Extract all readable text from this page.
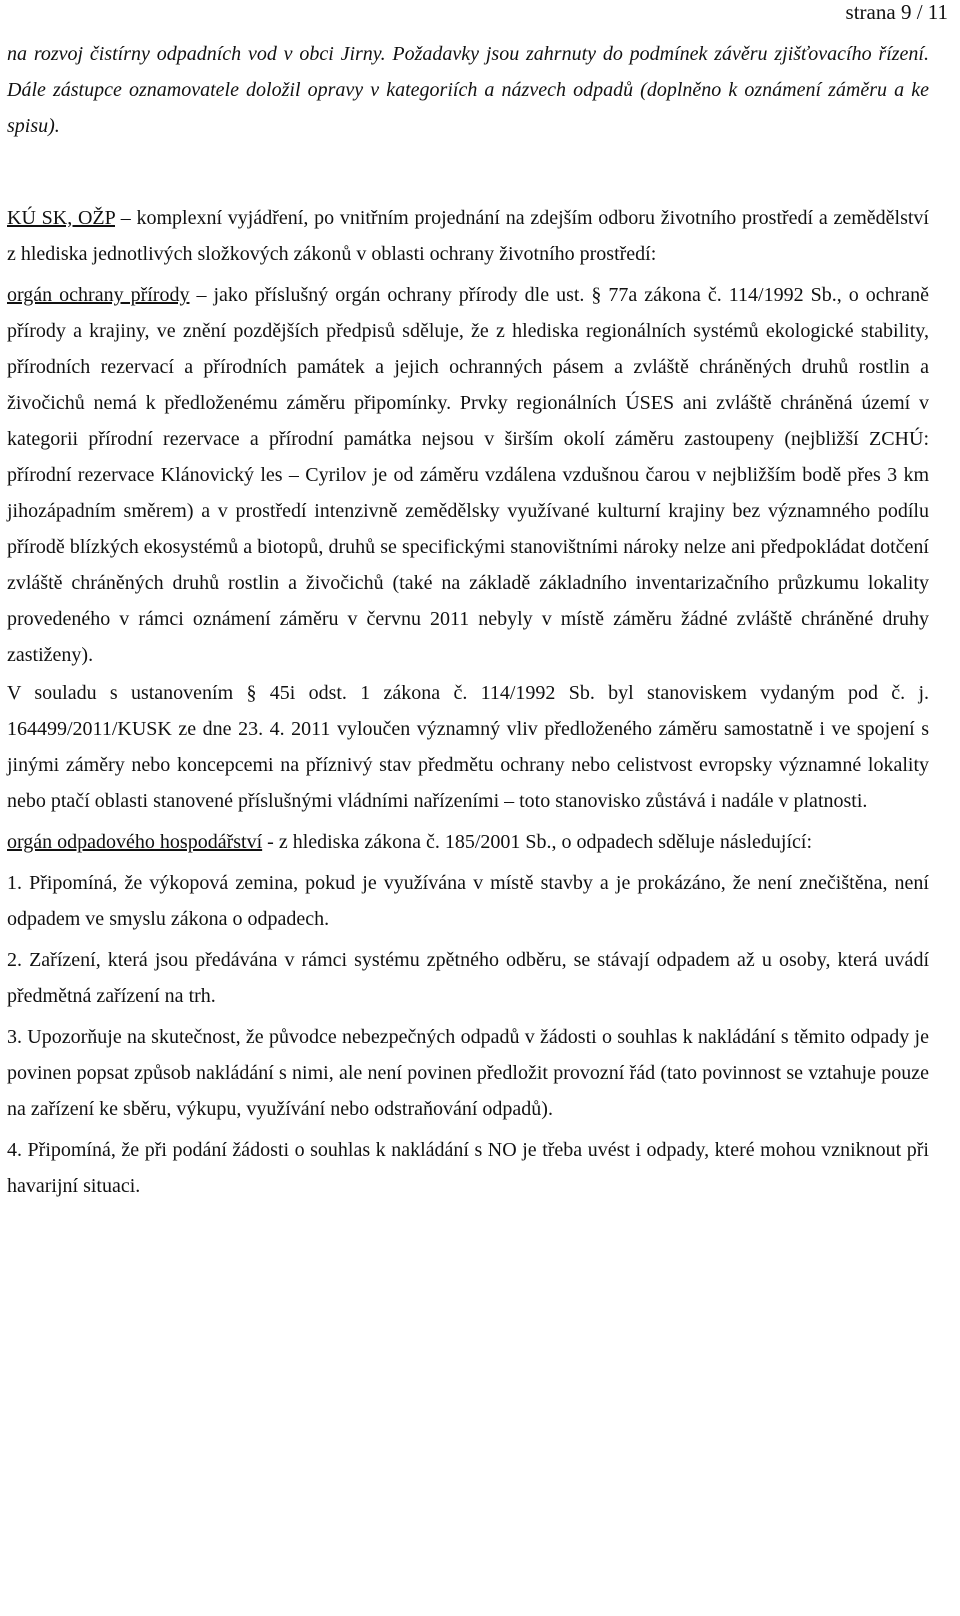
strana 9 / 11

na rozvoj čistírny odpadních vod v obci Jirny. Požadavky jsou zahrnuty do podmínek závěru zjišťovacího řízení. Dále zástupce oznamovatele doložil opravy v kategoriích a názvech odpadů (doplněno k oznámení záměru a ke spisu).

KÚ SK, OŽP – komplexní vyjádření, po vnitřním projednání na zdejším odboru životního prostředí a zemědělství z hlediska jednotlivých složkových zákonů v oblasti ochrany životního prostředí:

orgán ochrany přírody – jako příslušný orgán ochrany přírody dle ust. § 77a zákona č. 114/1992 Sb., o ochraně přírody a krajiny, ve znění pozdějších předpisů sděluje, že z hlediska regionálních systémů ekologické stability, přírodních rezervací a přírodních památek a jejich ochranných pásem a zvláště chráněných druhů rostlin a živočichů nemá k předloženému záměru připomínky. Prvky regionálních ÚSES ani zvláště chráněná území v kategorii přírodní rezervace a přírodní památka nejsou v širším okolí záměru zastoupeny (nejbližší ZCHÚ: přírodní rezervace Klánovický les – Cyrilov je od záměru vzdálena vzdušnou čarou v nejbližším bodě přes 3 km jihozápadním směrem) a v prostředí intenzivně zemědělsky využívané kulturní krajiny bez významného podílu přírodě blízkých ekosystémů a biotopů, druhů se specifickými stanovištními nároky nelze ani předpokládat dotčení zvláště chráněných druhů rostlin a živočichů (také na základě základního inventarizačního průzkumu lokality provedeného v rámci oznámení záměru v červnu 2011 nebyly v místě záměru žádné zvláště chráněné druhy zastiženy).

V souladu s ustanovením § 45i odst. 1 zákona č. 114/1992 Sb. byl stanoviskem vydaným pod č. j. 164499/2011/KUSK ze dne 23. 4. 2011 vyloučen významný vliv předloženého záměru samostatně i ve spojení s jinými záměry nebo koncepcemi na příznivý stav předmětu ochrany nebo celistvost evropsky významné lokality nebo ptačí oblasti stanovené příslušnými vládními nařízeními – toto stanovisko zůstává i nadále v platnosti.

orgán odpadového hospodářství - z hlediska zákona č. 185/2001 Sb., o odpadech sděluje následující:

1. Připomíná, že výkopová zemina, pokud je využívána v místě stavby a je prokázáno, že není znečištěna, není odpadem ve smyslu zákona o odpadech.

2. Zařízení, která jsou předávána v rámci systému zpětného odběru, se stávají odpadem až u osoby, která uvádí předmětná zařízení na trh.

3. Upozorňuje na skutečnost, že původce nebezpečných odpadů v žádosti o souhlas k nakládání s těmito odpady je povinen popsat způsob nakládání s nimi, ale není povinen předložit provozní řád (tato povinnost se vztahuje pouze na zařízení ke sběru, výkupu, využívání nebo odstraňování odpadů).

4. Připomíná, že při podání žádosti o souhlas k nakládání s NO je třeba uvést i odpady, které mohou vzniknout při havarijní situaci.
